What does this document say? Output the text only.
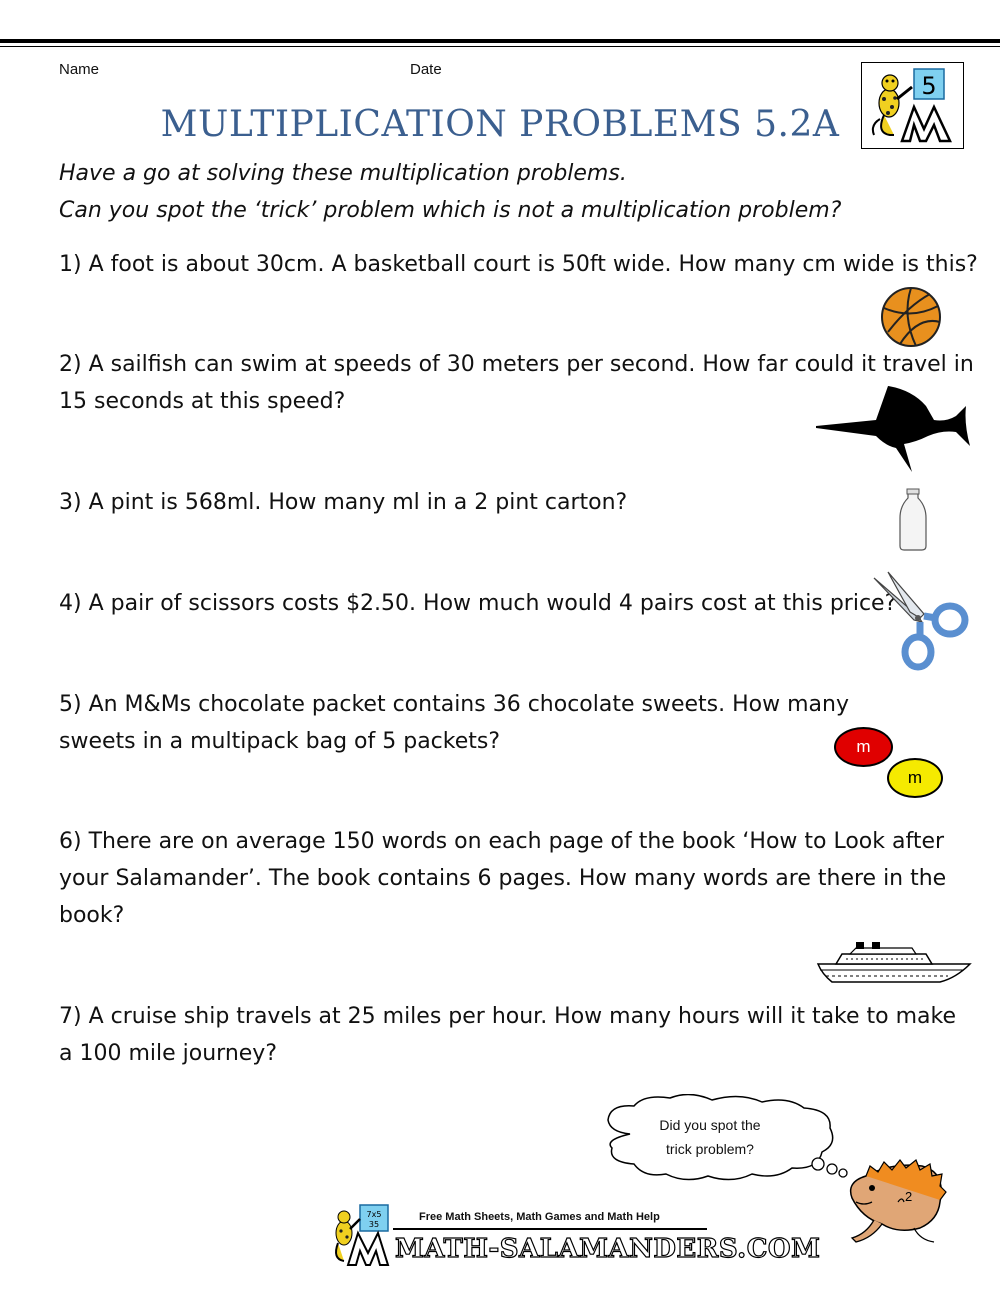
Name	Date
5
MULTIPLICATION PROBLEMS 5.2A
Have a go at solving these multiplication problems.
Can you spot the ‘trick’ problem which is not a multiplication problem?
1) A foot is about 30cm. A basketball court is 50ft wide. How many cm wide is this?
2) A sailfish can swim at speeds of 30 meters per second. How far could it travel in
15 seconds at this speed?
3) A pint is 568ml. How many ml in a 2 pint carton?
4) A pair of scissors costs $2.50. How much would 4 pairs cost at this price?
5) An M&Ms chocolate packet contains 36 chocolate sweets. How many
sweets in a multipack bag of 5 packets?	m
m
6) There are on average 150 words on each page of the book ‘How to Look after
your Salamander’. The book contains 6 pages. How many words are there in the
book?
7) A cruise ship travels at 25 miles per hour. How many hours will it take to make
a 100 mile journey?
Did you spot the
trick problem?
2
7x5
35
Free Math Sheets, Math Games and Math Help
MATH-SALAMANDERS.COM
